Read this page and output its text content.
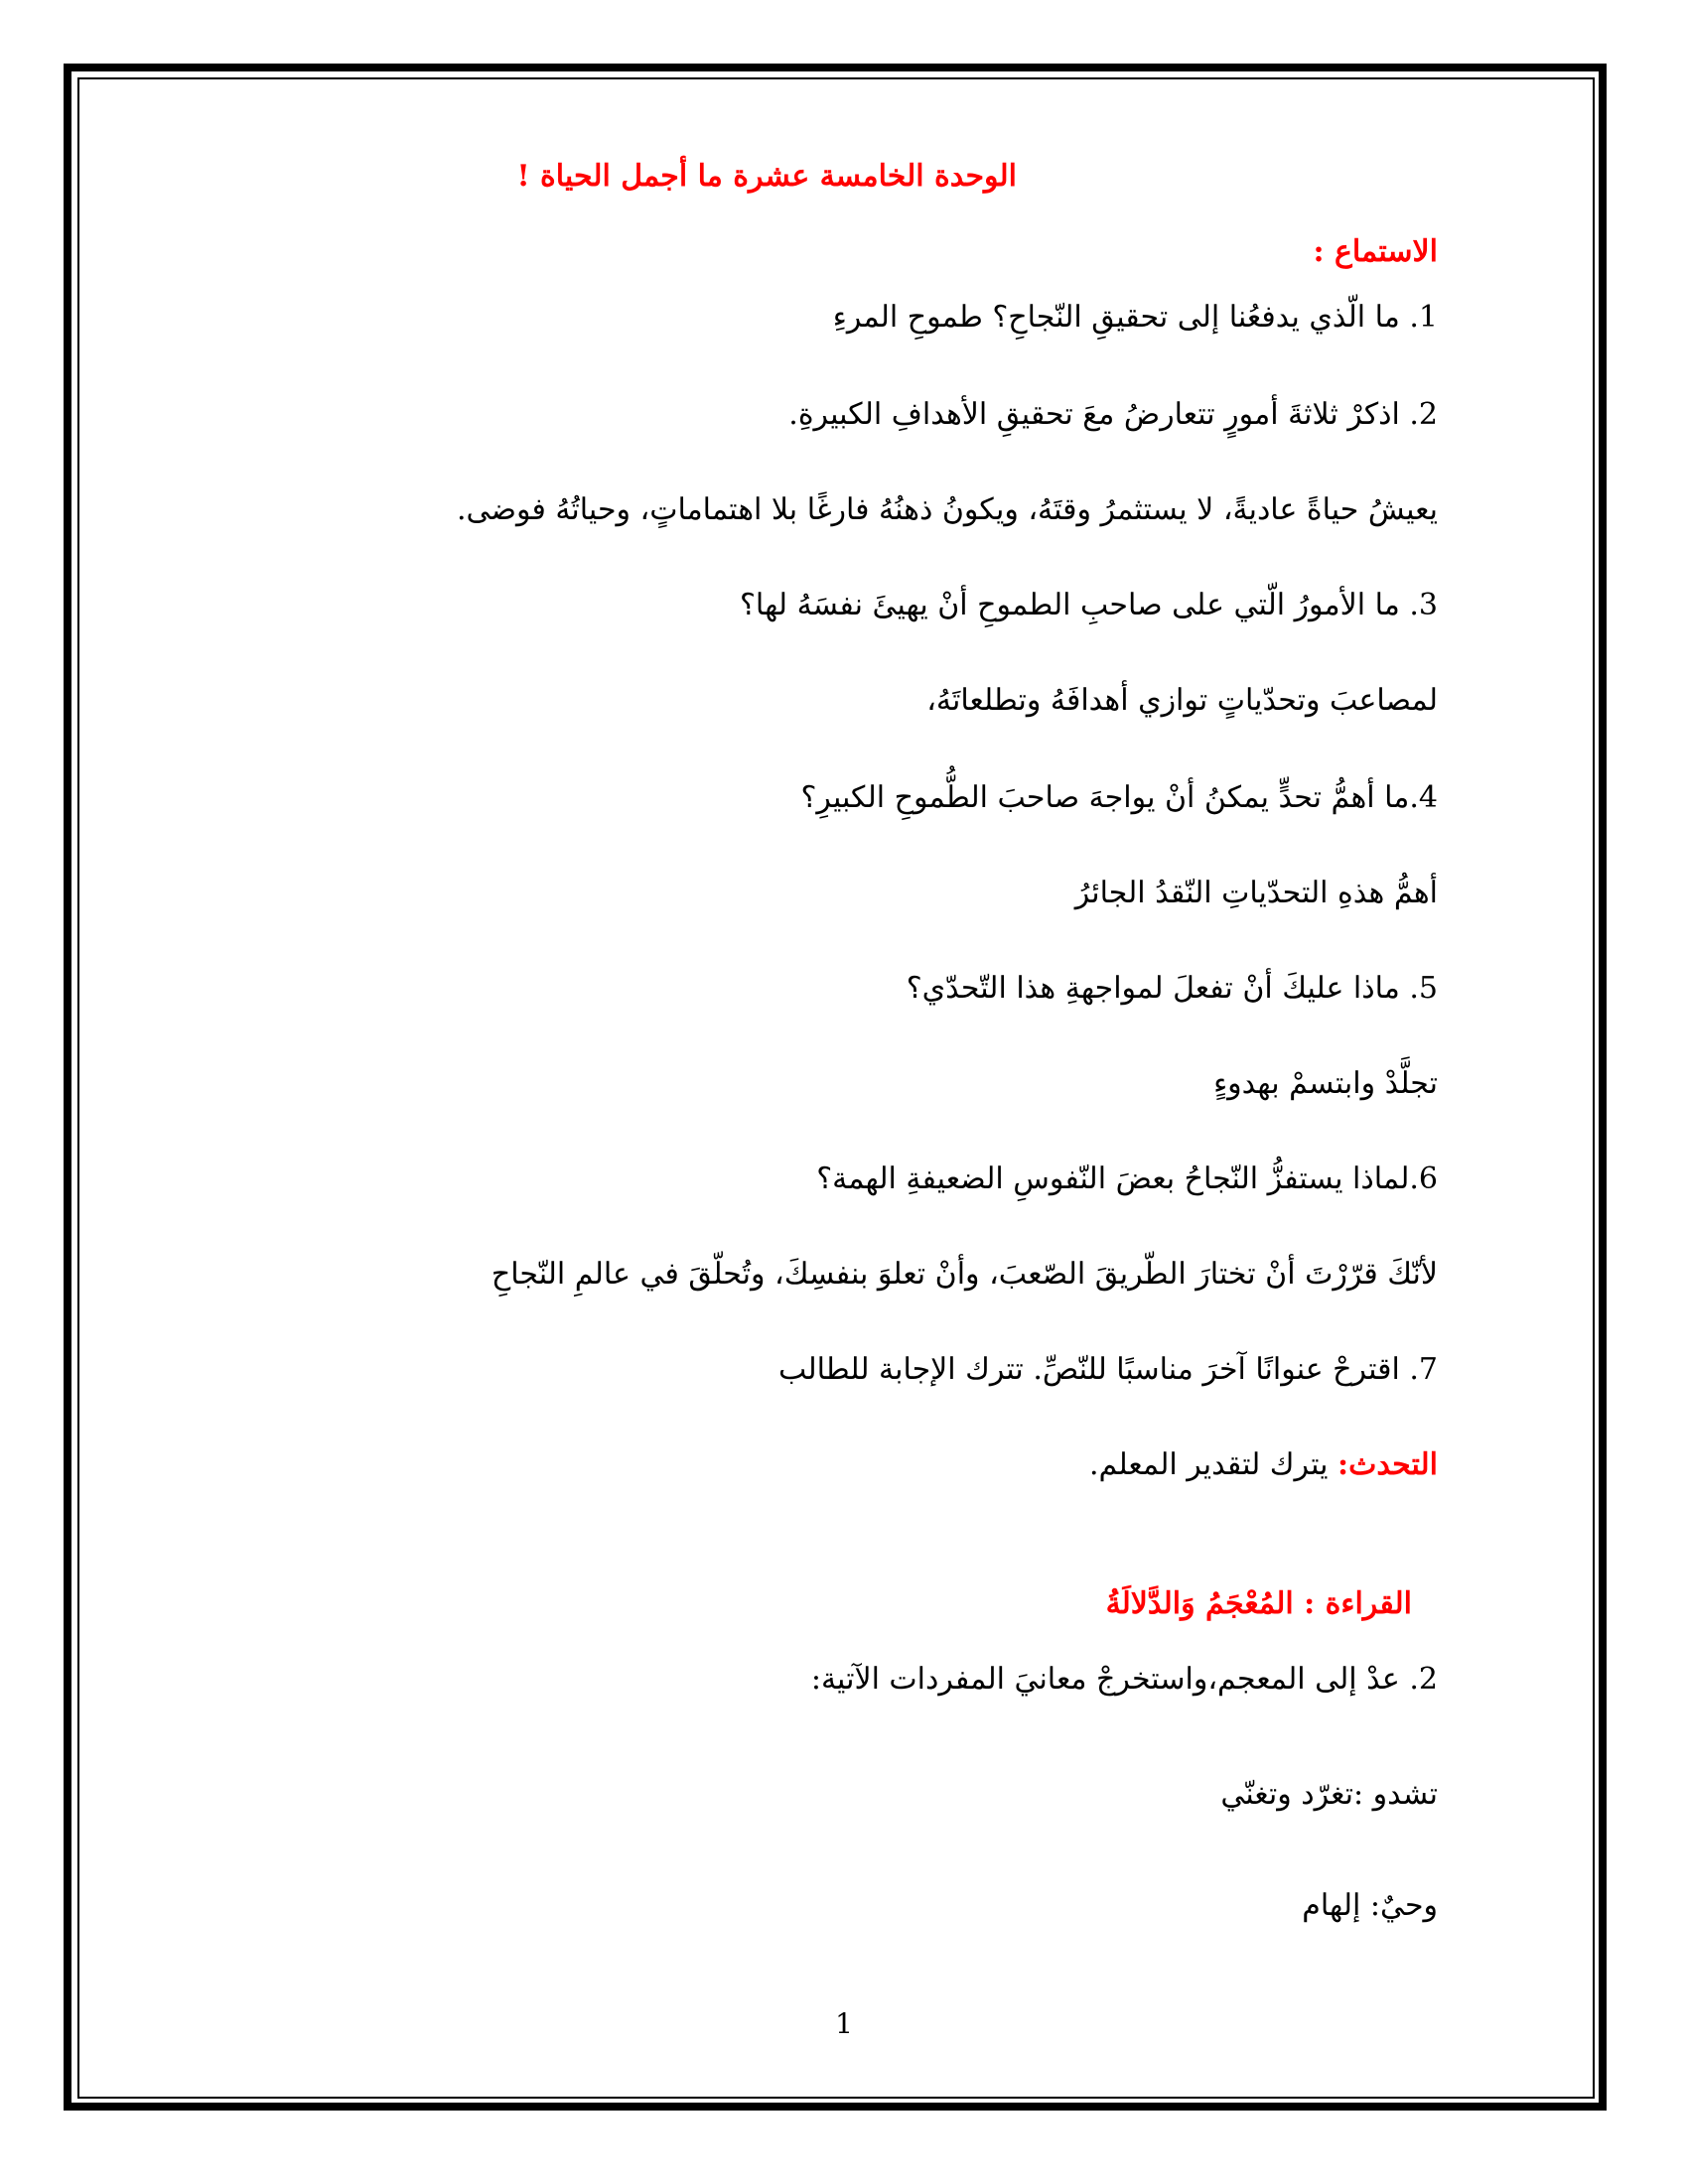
الوحدة الخامسة عشرة ما أجمل الحياة !
الاستماع :
1. ما الّذي يدفعُنا إلى تحقيقِ النّجاحِ؟ طموحِ المرءِ
2. اذكرْ ثلاثةَ أمورٍ تتعارضُ معَ تحقيقِ الأهدافِ الكبيرةِ.
يعيشُ حياةً عاديةً، لا يستثمرُ وقتَهُ، ويكونُ ذهنُهُ فارغًا بلا اهتماماتٍ، وحياتُهُ فوضى.
3. ما الأمورُ الّتي على صاحبِ الطموحِ أنْ يهيئَ نفسَهُ لها؟
لمصاعبَ وتحدّياتٍ توازي أهدافَهُ وتطلعاتَهُ،
4.ما أهمُّ تحدٍّ يمكنُ أنْ يواجهَ صاحبَ الطُّموحِ الكبيرِ؟
أهمُّ هذهِ التحدّياتِ النّقدُ الجائرُ
5. ماذا عليكَ أنْ تفعلَ لمواجهةِ هذا التّحدّي؟
تجلَّدْ وابتسمْ بهدوءٍ
6.لماذا يستفزُّ النّجاحُ بعضَ النّفوسِ الضعيفةِ الهمة؟
لأنّكَ قرّرْتَ أنْ تختارَ الطّريقَ الصّعبَ، وأنْ تعلوَ بنفسِكَ، وتُحلّقَ في عالمِ النّجاحِ
7. اقترحْ عنوانًا آخرَ مناسبًا للنّصِّ. تترك الإجابة للطالب
التحدث: يترك لتقدير المعلم.
القراءة : المُعْجَمُ وَالدَّلالَةُ
2. عدْ إلى المعجم،واستخرجْ معانيَ المفردات الآتية:
تشدو :تغرّد وتغنّي
وحيٌ: إلهام
1
